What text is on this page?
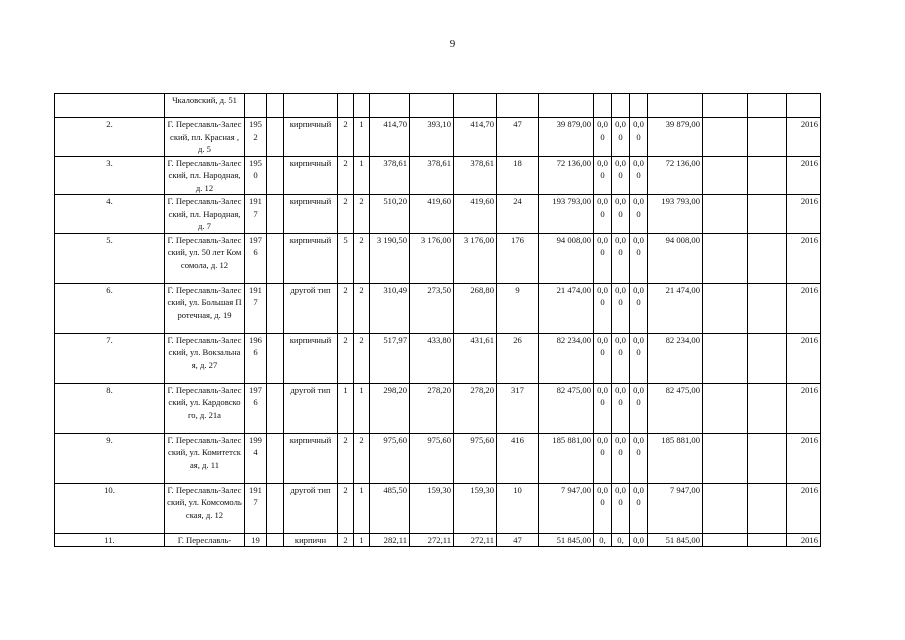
9
	Чкаловский, д. 51																	
2.	Г. Переславль-Залесский, пл. Красная , д. 5	1952		кирпичный	2	1	414,70	393,10	414,70	47	39 879,00	0,00	0,00	0,00	39 879,00			2016
3.	Г. Переславль-Залесский, пл. Народная, д. 12	1950		кирпичный	2	1	378,61	378,61	378,61	18	72 136,00	0,00	0,00	0,00	72 136,00			2016
4.	Г. Переславль-Залесский, пл. Народная, д. 7	1917		кирпичный	2	2	510,20	419,60	419,60	24	193 793,00	0,00	0,00	0,00	193 793,00			2016
5.	Г. Переславль-Залесский, ул. 50 лет Комсомола, д. 12	1976		кирпичный	5	2	3 190,50	3 176,00	3 176,00	176	94 008,00	0,00	0,00	0,00	94 008,00			2016
6.	Г. Переславль-Залесский, ул. Большая Протечная, д. 19	1917		другой тип	2	2	310,49	273,50	268,80	9	21 474,00	0,00	0,00	0,00	21 474,00			2016
7.	Г. Переславль-Залесский, ул. Вокзальная, д. 27	1966		кирпичный	2	2	517,97	433,80	431,61	26	82 234,00	0,00	0,00	0,00	82 234,00			2016
8.	Г. Переславль-Залесский, ул. Кардовского, д. 21а	1976		другой тип	1	1	298,20	278,20	278,20	317	82 475,00	0,00	0,00	0,00	82 475,00			2016
9.	Г. Переславль-Залесский, ул. Комитетская, д. 11	1994		кирпичный	2	2	975,60	975,60	975,60	416	185 881,00	0,00	0,00	0,00	185 881,00			2016
10.	Г. Переславль-Залесский, ул. Комсомольская, д. 12	1917		другой тип	2	1	485,50	159,30	159,30	10	7 947,00	0,00	0,00	0,00	7 947,00			2016
11.	Г. Переславль-	19		кирпичн	2	1	282,11	272,11	272,11	47	51 845,00	0,	0,	0,0	51 845,00			2016
